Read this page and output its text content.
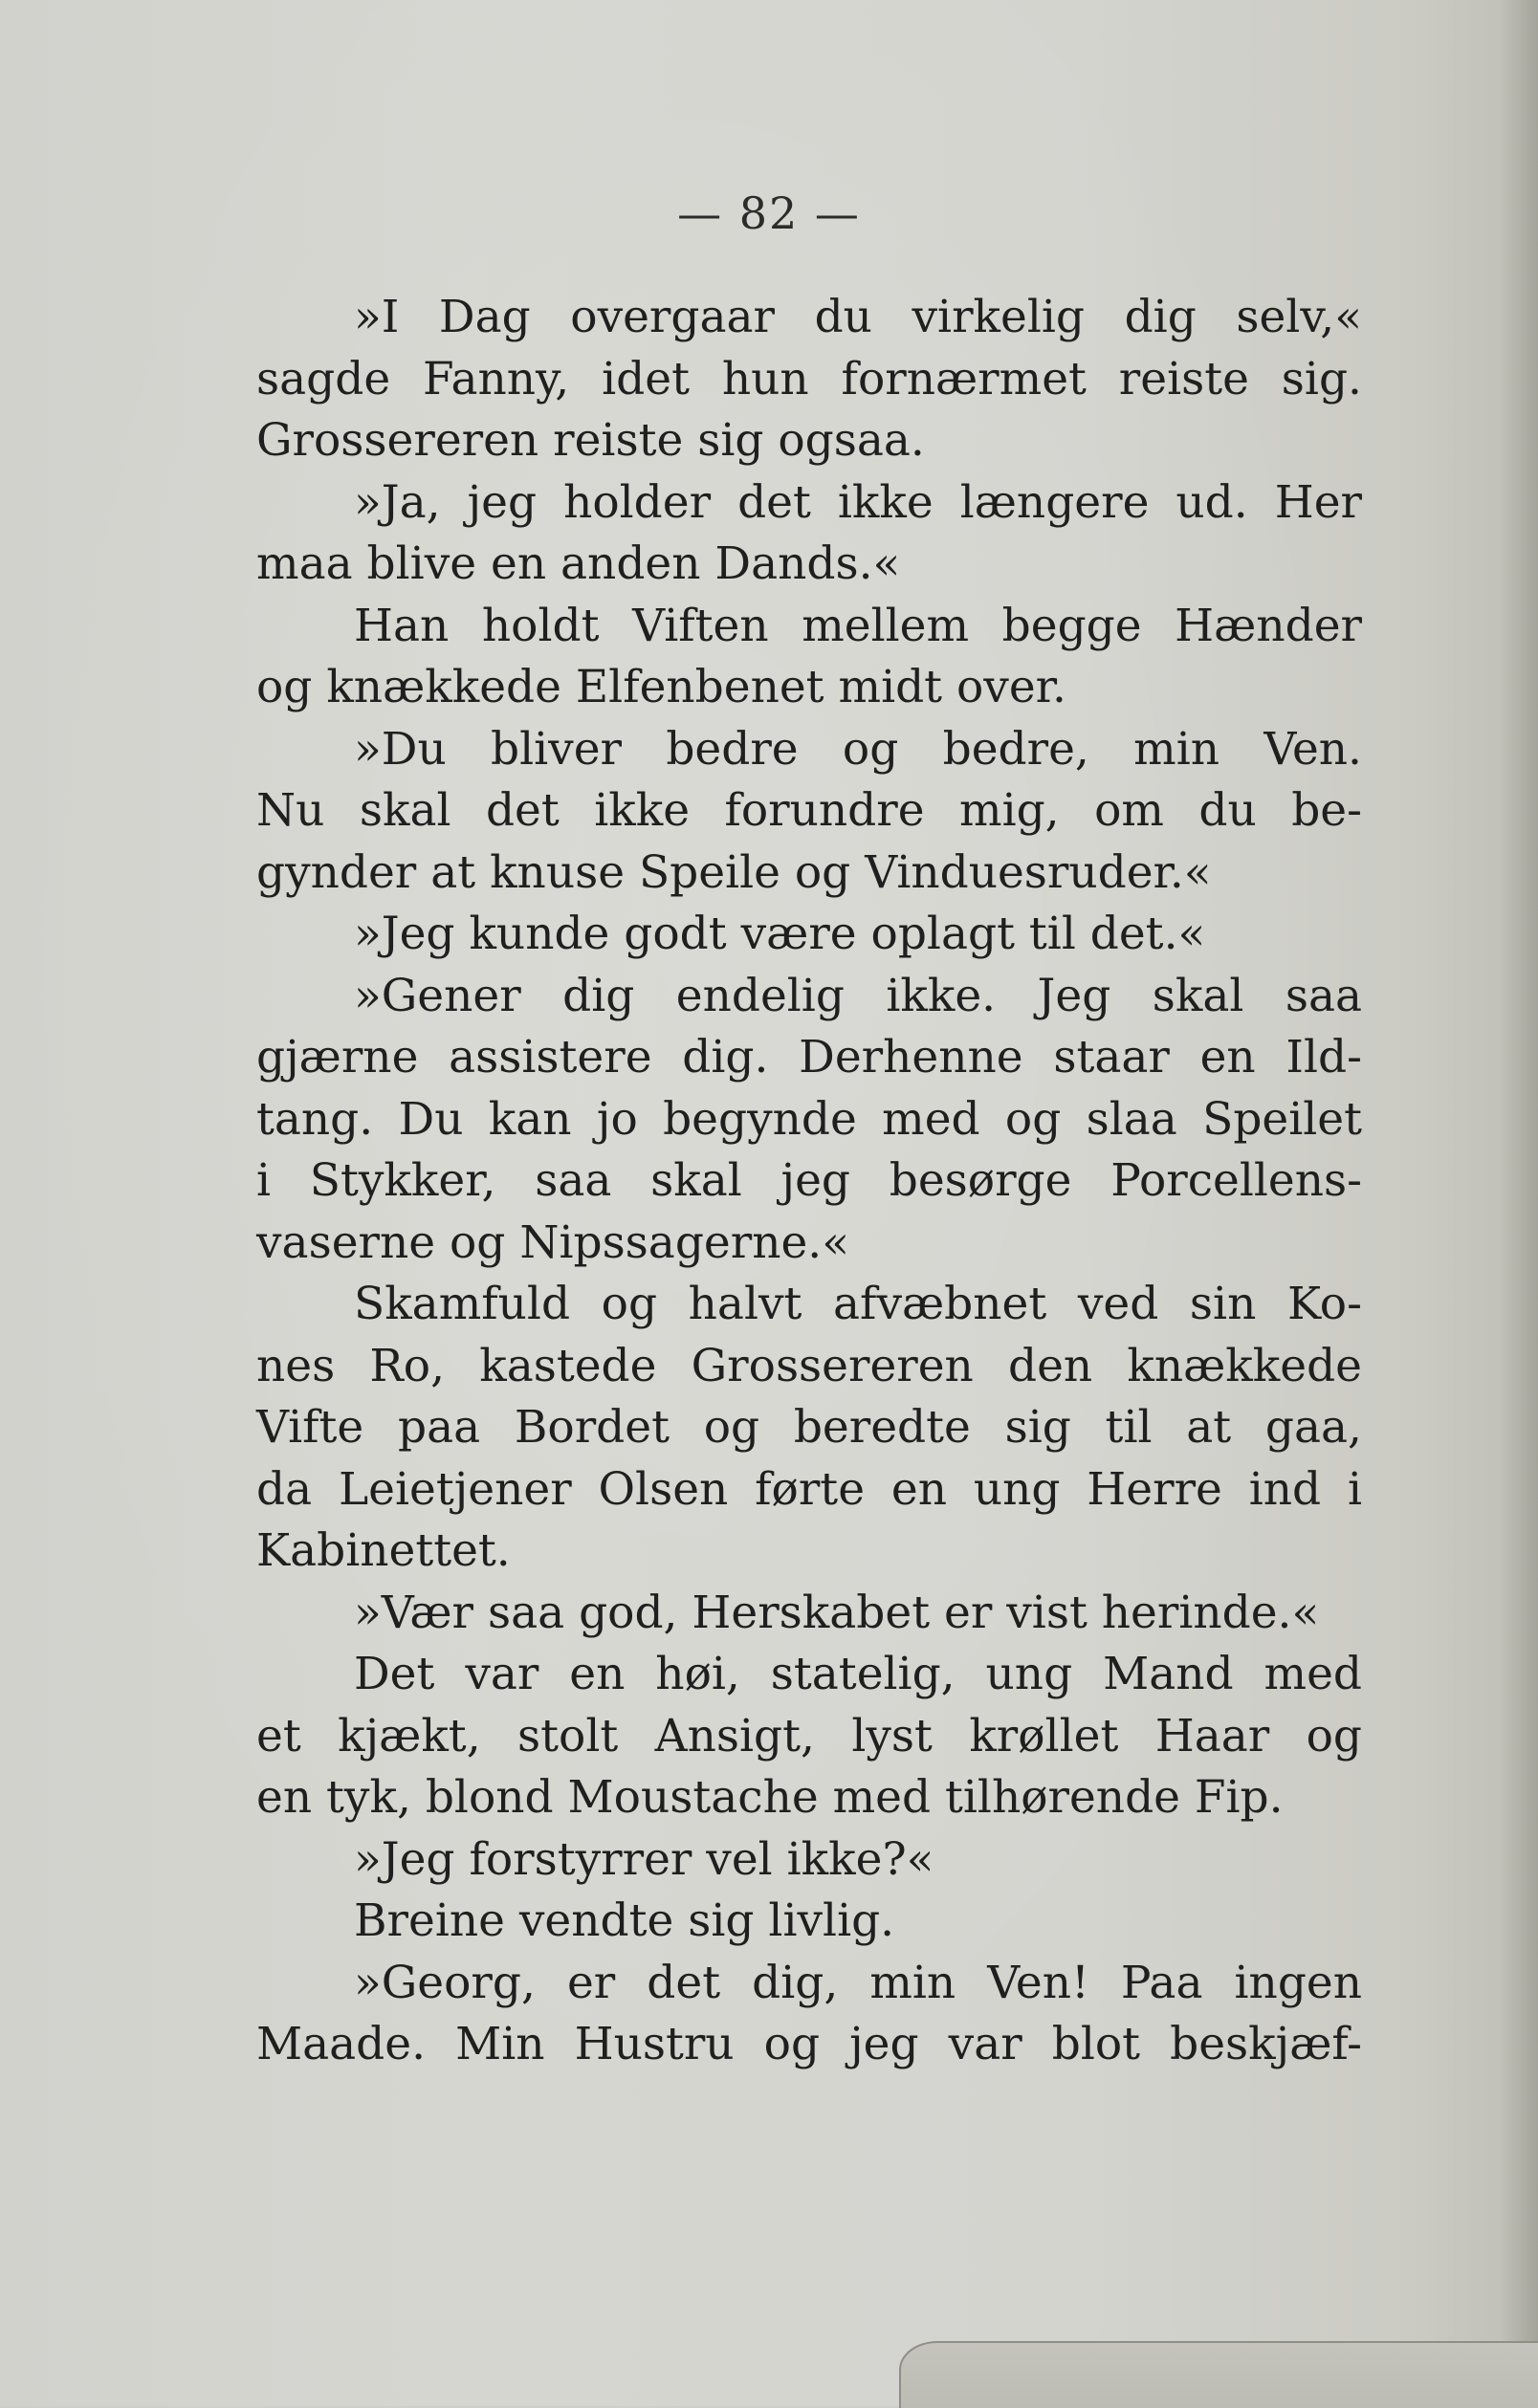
— 82 —
»I Dag overgaar du virkelig dig selv,«
sagde Fanny, idet hun fornærmet reiste sig.
Grossereren reiste sig ogsaa.
»Ja, jeg holder det ikke længere ud. Her
maa blive en anden Dands.«
Han holdt Viften mellem begge Hænder
og knækkede Elfenbenet midt over.
»Du bliver bedre og bedre, min Ven.
Nu skal det ikke forundre mig, om du be-
gynder at knuse Speile og Vinduesruder.«
»Jeg kunde godt være oplagt til det.«
»Gener dig endelig ikke. Jeg skal saa
gjærne assistere dig. Derhenne staar en Ild-
tang. Du kan jo begynde med og slaa Speilet
i Stykker, saa skal jeg besørge Porcellens-
vaserne og Nipssagerne.«
Skamfuld og halvt afvæbnet ved sin Ko-
nes Ro, kastede Grossereren den knækkede
Vifte paa Bordet og beredte sig til at gaa,
da Leietjener Olsen førte en ung Herre ind i
Kabinettet.
»Vær saa god, Herskabet er vist herinde.«
Det var en høi, statelig, ung Mand med
et kjækt, stolt Ansigt, lyst krøllet Haar og
en tyk, blond Moustache med tilhørende Fip.
»Jeg forstyrrer vel ikke?«
Breine vendte sig livlig.
»Georg, er det dig, min Ven! Paa ingen
Maade. Min Hustru og jeg var blot beskjæf-
